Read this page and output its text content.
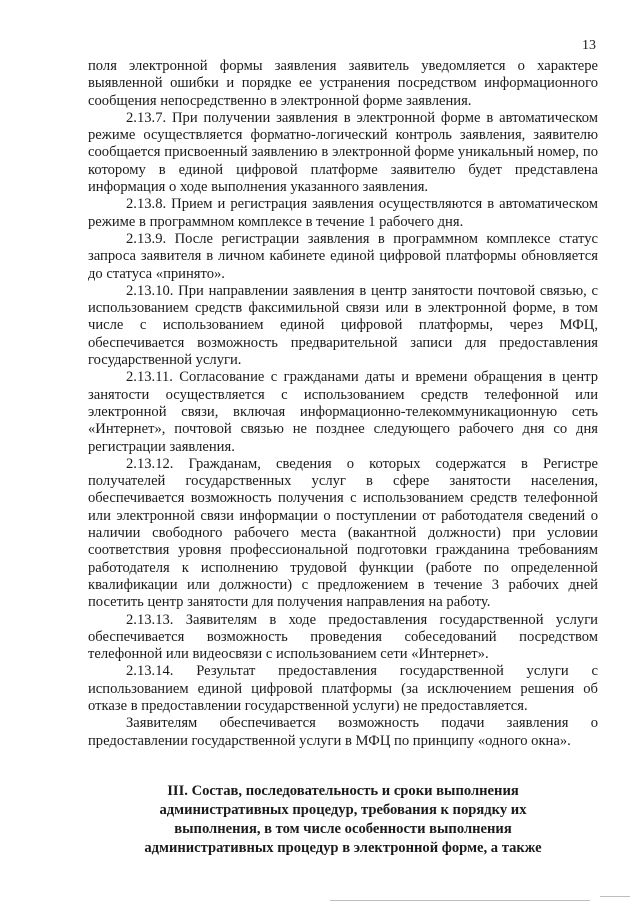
13

поля электронной формы заявления заявитель уведомляется о характере выявленной ошибки и порядке ее устранения посредством информационного сообщения непосредственно в электронной форме заявления.

2.13.7. При получении заявления в электронной форме в автоматическом режиме осуществляется форматно-логический контроль заявления, заявителю сообщается присвоенный заявлению в электронной форме уникальный номер, по которому в единой цифровой платформе заявителю будет представлена информация о ходе выполнения указанного заявления.

2.13.8. Прием и регистрация заявления осуществляются в автоматическом режиме в программном комплексе в течение 1 рабочего дня.

2.13.9. После регистрации заявления в программном комплексе статус запроса заявителя в личном кабинете единой цифровой платформы обновляется до статуса «принято».

2.13.10. При направлении заявления в центр занятости почтовой связью, с использованием средств факсимильной связи или в электронной форме, в том числе с использованием единой цифровой платформы, через МФЦ, обеспечивается возможность предварительной записи для предоставления государственной услуги.

2.13.11. Согласование с гражданами даты и времени обращения в центр занятости осуществляется с использованием средств телефонной или электронной связи, включая информационно-телекоммуникационную сеть «Интернет», почтовой связью не позднее следующего рабочего дня со дня регистрации заявления.

2.13.12. Гражданам, сведения о которых содержатся в Регистре получателей государственных услуг в сфере занятости населения, обеспечивается возможность получения с использованием средств телефонной или электронной связи информации о поступлении от работодателя сведений о наличии свободного рабочего места (вакантной должности) при условии соответствия уровня профессиональной подготовки гражданина требованиям работодателя к исполнению трудовой функции (работе по определенной квалификации или должности) с предложением в течение 3 рабочих дней посетить центр занятости для получения направления на работу.

2.13.13. Заявителям в ходе предоставления государственной услуги обеспечивается возможность проведения собеседований посредством телефонной или видеосвязи с использованием сети «Интернет».

2.13.14. Результат предоставления государственной услуги с использованием единой цифровой платформы (за исключением решения об отказе в предоставлении государственной услуги) не предоставляется.

Заявителям обеспечивается возможность подачи заявления о предоставлении государственной услуги в МФЦ по принципу «одного окна».

III. Состав, последовательность и сроки выполнения административных процедур, требования к порядку их выполнения, в том числе особенности выполнения административных процедур в электронной форме, а также
